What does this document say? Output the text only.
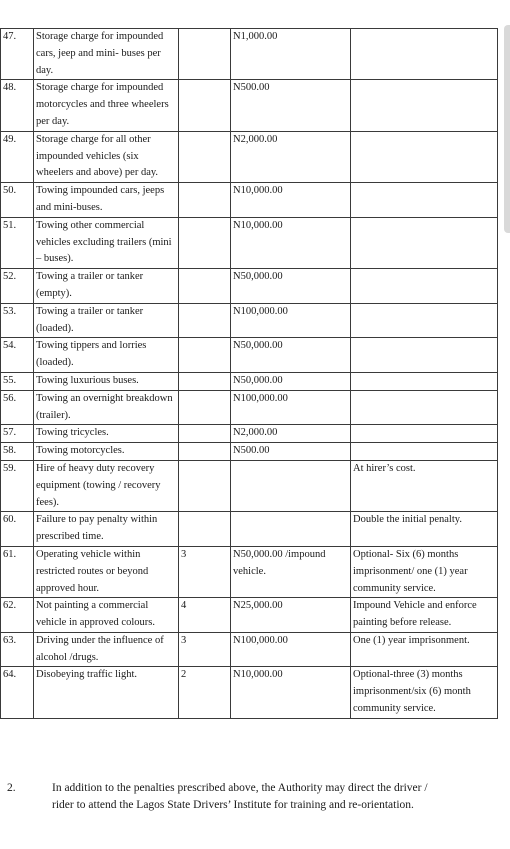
47.	Storage charge for impounded cars, jeep and mini- buses per day.		N1,000.00	
48.	Storage charge for impounded motorcycles and three wheelers per day.		N500.00	
49.	Storage charge for all other impounded vehicles (six wheelers and above) per day.		N2,000.00	
50.	Towing impounded cars, jeeps and mini-buses.		N10,000.00	
51.	Towing other commercial vehicles excluding trailers (mini – buses).		N10,000.00	
52.	Towing a trailer or tanker (empty).		N50,000.00	
53.	Towing a trailer or tanker (loaded).		N100,000.00	
54.	Towing tippers and lorries (loaded).		N50,000.00	
55.	Towing luxurious buses.		N50,000.00	
56.	Towing an overnight breakdown (trailer).		N100,000.00	
57.	Towing tricycles.		N2,000.00	
58.	Towing motorcycles.		N500.00	
59.	Hire of heavy duty recovery equipment (towing / recovery fees).			At hirer’s cost.
60.	Failure to pay penalty within prescribed time.			Double the initial penalty.
61.	Operating vehicle within restricted routes or beyond approved hour.	3	N50,000.00 /impound vehicle.	Optional- Six (6) months imprisonment/ one (1) year community service.
62.	Not painting a commercial vehicle in approved colours.	4	N25,000.00	Impound Vehicle and enforce painting before release.
63.	Driving under the influence of alcohol /drugs.	3	N100,000.00	One (1) year imprisonment.
64.	Disobeying traffic light.	2	N10,000.00	Optional-three (3) months imprisonment/six (6) month community service.
2.	In addition to the penalties prescribed above, the Authority may direct the driver /
rider to attend the Lagos State Drivers’ Institute for training and re-orientation.
